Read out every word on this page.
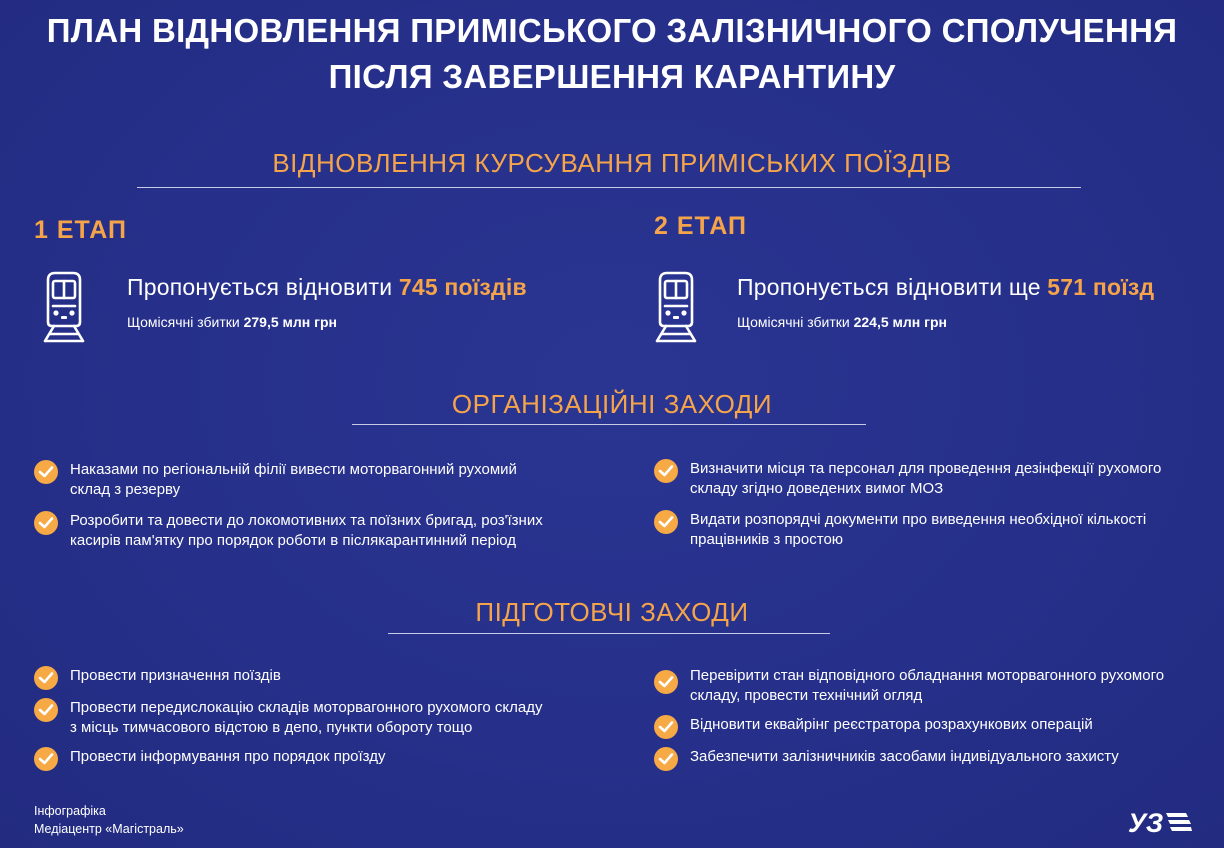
ПЛАН ВІДНОВЛЕННЯ ПРИМІСЬКОГО ЗАЛІЗНИЧНОГО СПОЛУЧЕННЯ
ПІСЛЯ ЗАВЕРШЕННЯ КАРАНТИНУ
ВІДНОВЛЕННЯ КУРСУВАННЯ ПРИМІСЬКИХ ПОЇЗДІВ
1 ЕТАП	2 ЕТАП
Пропонується відновити 745 поїздів
Щомісячні збитки 279,5 млн грн
Пропонується відновити ще 571 поїзд
Щомісячні збитки 224,5 млн грн
ОРГАНІЗАЦІЙНІ ЗАХОДИ
Наказами по регіональній філії вивести моторвагонний рухомий
склад з резерву
Розробити та довести до локомотивних та поїзних бригад, роз'їзних
касирів пам'ятку про порядок роботи в післякарантинний період
Визначити місця та персонал для проведення дезінфекції рухомого
складу згідно доведених вимог МОЗ
Видати розпорядчі документи про виведення необхідної кількості
працівників з простою
ПІДГОТОВЧІ ЗАХОДИ
Провести призначення поїздів
Провести передислокацію складів моторвагонного рухомого складу
з місць тимчасового відстою в депо, пункти обороту тощо
Провести інформування про порядок проїзду
Перевірити стан відповідного обладнання моторвагонного рухомого
складу, провести технічний огляд
Відновити еквайрінг реєстратора розрахункових операцій
Забезпечити залізничників засобами індивідуального захисту
Інфографіка
Медіацентр «Магістраль»	УЗ
